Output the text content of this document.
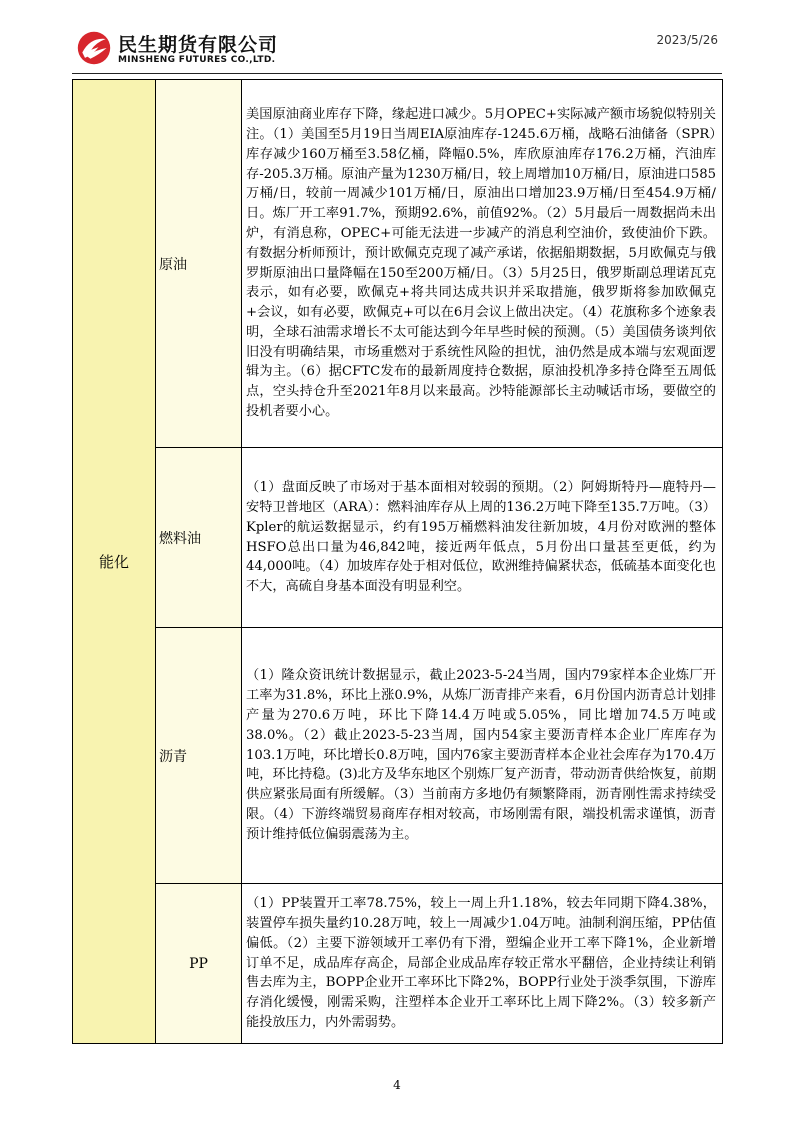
民生期货有限公司
MINSHENG FUTURES CO.,LTD.
2023/5/26
能化	原油	美国原油商业库存下降，缘起进口减少。5月OPEC+实际减产额市场貌似特别关注。（1）美国至5月19日当周EIA原油库存-1245.6万桶，战略石油储备（SPR）库存减少160万桶至3.58亿桶，降幅0.5%，库欣原油库存176.2万桶，汽油库存-205.3万桶。原油产量为1230万桶/日，较上周增加10万桶/日，原油进口585万桶/日，较前一周减少101万桶/日，原油出口增加23.9万桶/日至454.9万桶/日。炼厂开工率91.7%，预期92.6%，前值92%。（2）5月最后一周数据尚未出炉，有消息称，OPEC+可能无法进一步减产的消息利空油价，致使油价下跌。有数据分析师预计，预计欧佩克克现了减产承诺，依据船期数据，5月欧佩克与俄罗斯原油出口量降幅在150至200万桶/日。（3）5月25日，俄罗斯副总理诺瓦克表示，如有必要，欧佩克+将共同达成共识并采取措施，俄罗斯将参加欧佩克+会议，如有必要，欧佩克+可以在6月会议上做出决定。（4）花旗称多个迹象表明，全球石油需求增长不太可能达到今年早些时候的预测。（5）美国债务谈判依旧没有明确结果，市场重燃对于系统性风险的担忧，油仍然是成本端与宏观面逻辑为主。（6）据CFTC发布的最新周度持仓数据，原油投机净多持仓降至五周低点，空头持仓升至2021年8月以来最高。沙特能源部长主动喊话市场，要做空的投机者要小心。

	燃料油	（1）盘面反映了市场对于基本面相对较弱的预期。（2）阿姆斯特丹—鹿特丹—安特卫普地区（ARA）：燃料油库存从上周的136.2万吨下降至135.7万吨。（3）Kpler的航运数据显示，约有195万桶燃料油发往新加坡，4月份对欧洲的整体HSFO总出口量为46,842吨，接近两年低点，5月份出口量甚至更低，约为44,000吨。（4）加坡库存处于相对低位，欧洲维持偏紧状态，低硫基本面变化也不大，高硫自身基本面没有明显利空。

	沥青	（1）隆众资讯统计数据显示，截止2023-5-24当周，国内79家样本企业炼厂开工率为31.8%，环比上涨0.9%，从炼厂沥青排产来看，6月份国内沥青总计划排产量为270.6万吨，环比下降14.4万吨或5.05%，同比增加74.5万吨或38.0%。（2）截止2023-5-23当周，国内54家主要沥青样本企业厂库库存为103.1万吨，环比增长0.8万吨，国内76家主要沥青样本企业社会库存为170.4万吨，环比持稳。(3)北方及华东地区个别炼厂复产沥青，带动沥青供给恢复，前期供应紧张局面有所缓解。（3）当前南方多地仍有频繁降雨，沥青刚性需求持续受限。（4）下游终端贸易商库存相对较高，市场刚需有限，端投机需求谨慎，沥青预计维持低位偏弱震荡为主。

	PP	（1）PP装置开工率78.75%，较上一周上升1.18%，较去年同期下降4.38%，装置停车损失量约10.28万吨，较上一周减少1.04万吨。油制利润压缩，PP估值偏低。（2）主要下游领域开工率仍有下滑，塑编企业开工率下降1%，企业新增订单不足，成品库存高企，局部企业成品库存较正常水平翻倍，企业持续让利销售去库为主，BOPP企业开工率环比下降2%，BOPP行业处于淡季氛围，下游库存消化缓慢，刚需采购，注塑样本企业开工率环比上周下降2%。（3）较多新产能投放压力，内外需弱势。
4
